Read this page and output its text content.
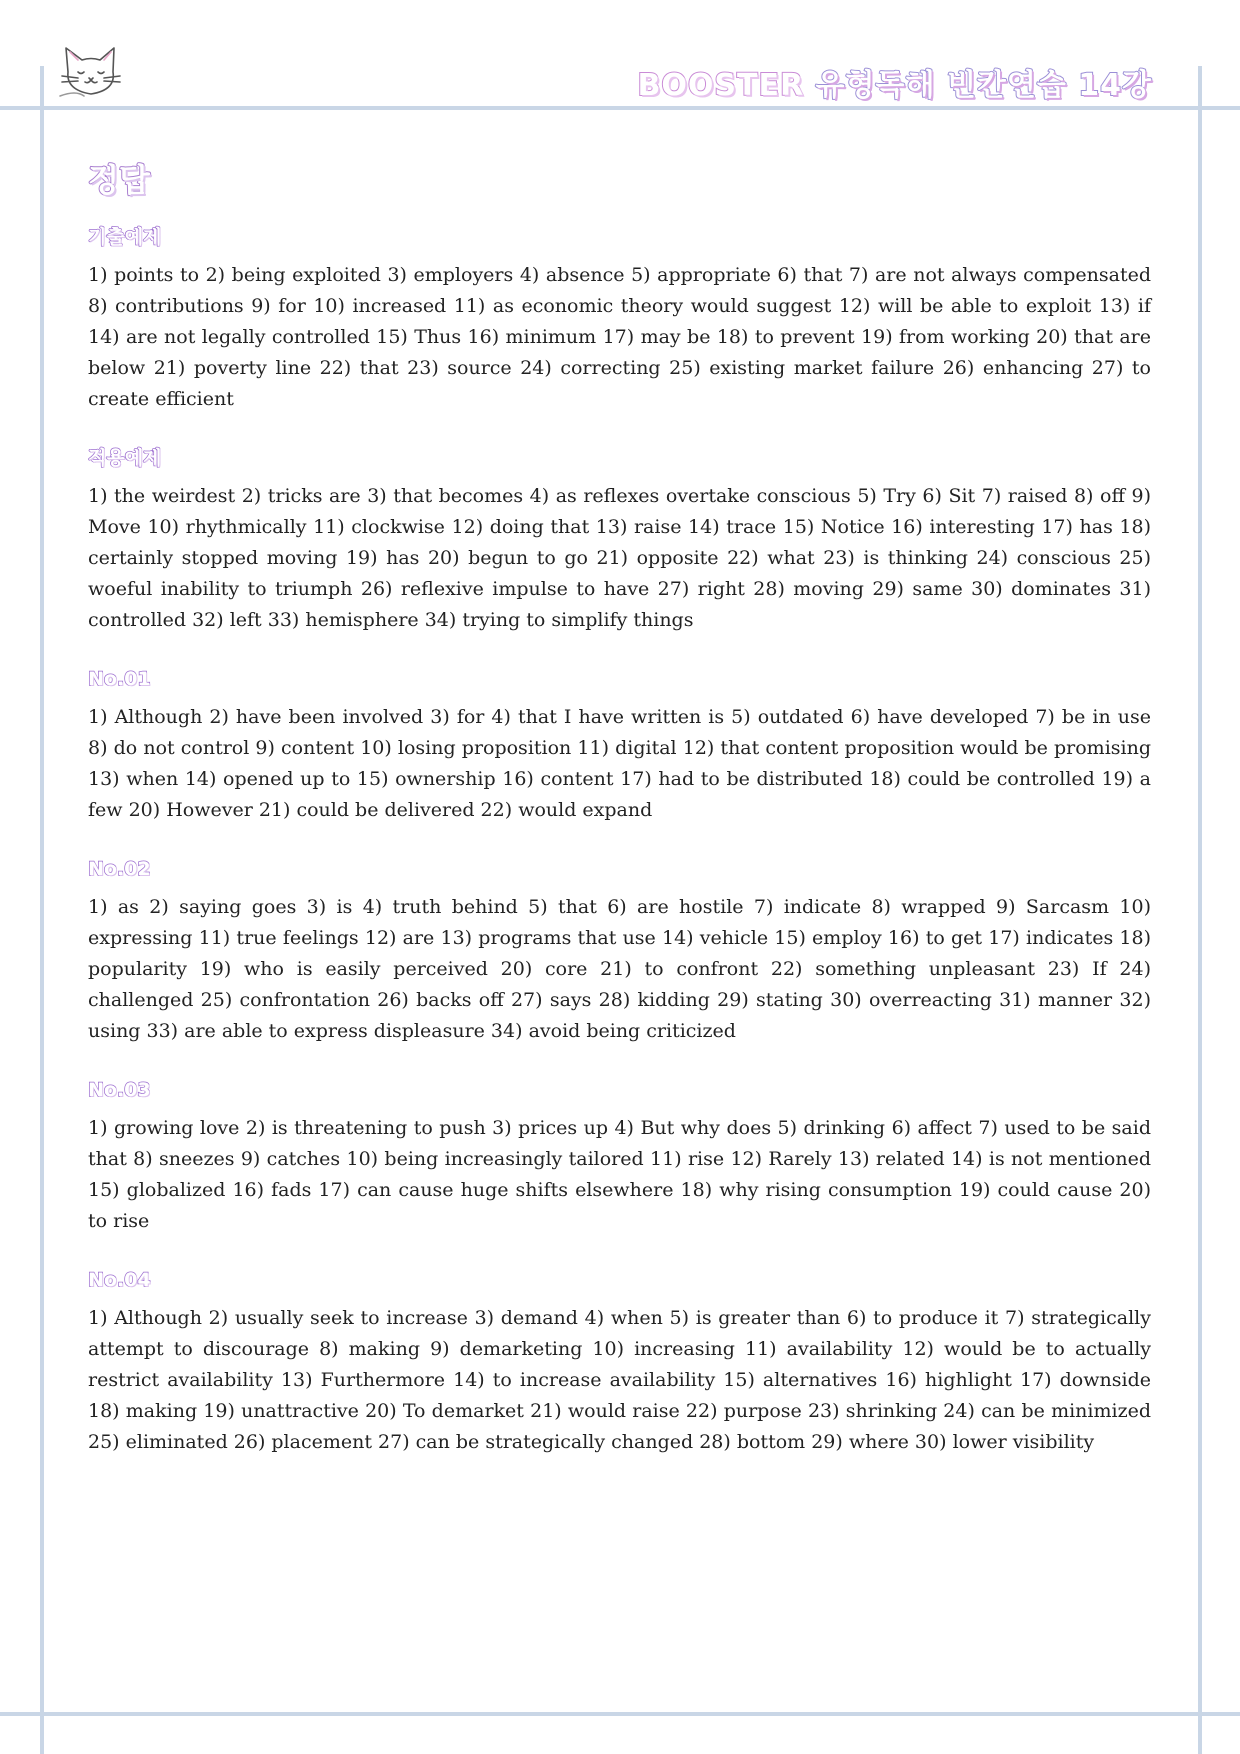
BOOSTER 유형독해 빈칸연습 14강
정답
기출예제

1) points to 2) being exploited 3) employers 4) absence 5) appropriate 6) that 7) are not always compensated 8) contributions 9) for 10) increased 11) as economic theory would suggest 12) will be able to exploit 13) if 14) are not legally controlled 15) Thus 16) minimum 17) may be 18) to prevent 19) from working 20) that are below 21) poverty line 22) that 23) source 24) correcting 25) existing market failure 26) enhancing 27) to create efficient

적용예제

1) the weirdest 2) tricks are 3) that becomes 4) as reflexes overtake conscious 5) Try 6) Sit 7) raised 8) off 9) Move 10) rhythmically 11) clockwise 12) doing that 13) raise 14) trace 15) Notice 16) interesting 17) has 18) certainly stopped moving 19) has 20) begun to go 21) opposite 22) what 23) is thinking 24) conscious 25) woeful inability to triumph 26) reflexive impulse to have 27) right 28) moving 29) same 30) dominates 31) controlled 32) left 33) hemisphere 34) trying to simplify things

No.01

1) Although 2) have been involved 3) for 4) that I have written is 5) outdated 6) have developed 7) be in use 8) do not control 9) content 10) losing proposition 11) digital 12) that content proposition would be promising 13) when 14) opened up to 15) ownership 16) content 17) had to be distributed 18) could be controlled 19) a few 20) However 21) could be delivered 22) would expand

No.02

1) as 2) saying goes 3) is 4) truth behind 5) that 6) are hostile 7) indicate 8) wrapped 9) Sarcasm 10) expressing 11) true feelings 12) are 13) programs that use 14) vehicle 15) employ 16) to get 17) indicates 18) popularity 19) who is easily perceived 20) core 21) to confront 22) something unpleasant 23) If 24) challenged 25) confrontation 26) backs off 27) says 28) kidding 29) stating 30) overreacting 31) manner 32) using 33) are able to express displeasure 34) avoid being criticized

No.03

1) growing love 2) is threatening to push 3) prices up 4) But why does 5) drinking 6) affect 7) used to be said that 8) sneezes 9) catches 10) being increasingly tailored 11) rise 12) Rarely 13) related 14) is not mentioned 15) globalized 16) fads 17) can cause huge shifts elsewhere 18) why rising consumption 19) could cause 20) to rise

No.04

1) Although 2) usually seek to increase 3) demand 4) when 5) is greater than 6) to produce it 7) strategically attempt to discourage 8) making 9) demarketing 10) increasing 11) availability 12) would be to actually restrict availability 13) Furthermore 14) to increase availability 15) alternatives 16) highlight 17) downside 18) making 19) unattractive 20) To demarket 21) would raise 22) purpose 23) shrinking 24) can be minimized 25) eliminated 26) placement 27) can be strategically changed 28) bottom 29) where 30) lower visibility
